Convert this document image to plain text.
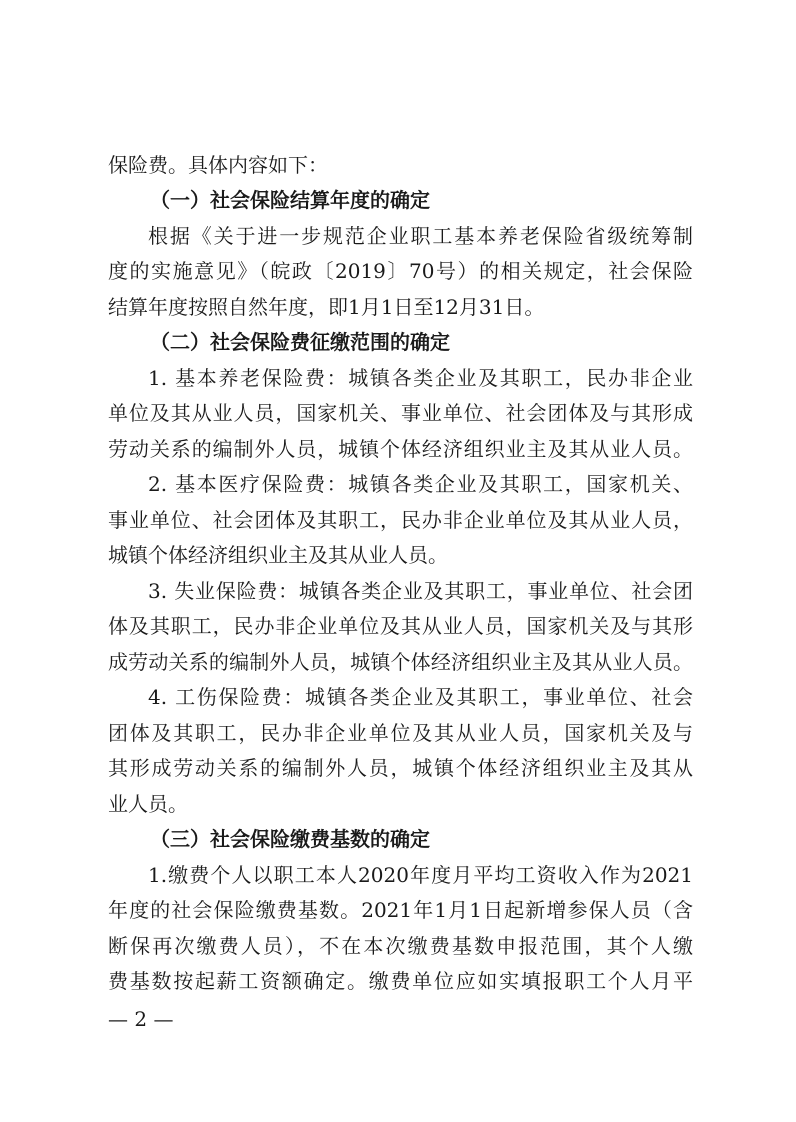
保险费。具体内容如下：
（一）社会保险结算年度的确定
根据《关于进一步规范企业职工基本养老保险省级统筹制
度的实施意见》（皖政〔2019〕70号）的相关规定，社会保险
结算年度按照自然年度，即1月1日至12月31日。
（二）社会保险费征缴范围的确定
1. 基本养老保险费：城镇各类企业及其职工，民办非企业
单位及其从业人员，国家机关、事业单位、社会团体及与其形成
劳动关系的编制外人员，城镇个体经济组织业主及其从业人员。
2. 基本医疗保险费：城镇各类企业及其职工，国家机关、
事业单位、社会团体及其职工，民办非企业单位及其从业人员，
城镇个体经济组织业主及其从业人员。
3. 失业保险费：城镇各类企业及其职工，事业单位、社会团
体及其职工，民办非企业单位及其从业人员，国家机关及与其形
成劳动关系的编制外人员，城镇个体经济组织业主及其从业人员。
4. 工伤保险费：城镇各类企业及其职工，事业单位、社会
团体及其职工，民办非企业单位及其从业人员，国家机关及与
其形成劳动关系的编制外人员，城镇个体经济组织业主及其从
业人员。
（三）社会保险缴费基数的确定
1.缴费个人以职工本人2020年度月平均工资收入作为2021
年度的社会保险缴费基数。2021年1月1日起新增参保人员（含
断保再次缴费人员），不在本次缴费基数申报范围，其个人缴
费基数按起薪工资额确定。缴费单位应如实填报职工个人月平
— 2 —
